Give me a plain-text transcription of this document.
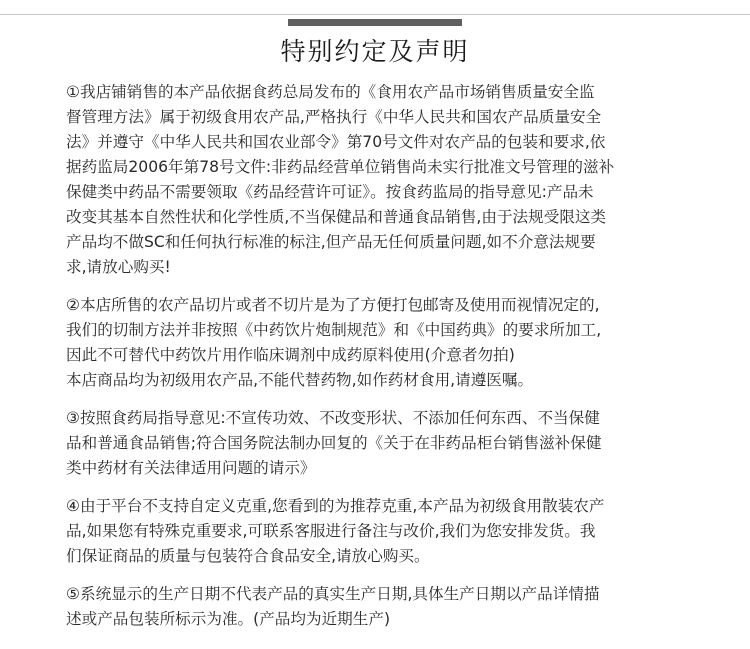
特别约定及声明

①我店铺销售的本产品依据食药总局发布的《食用农产品市场销售质量安全监
督管理方法》属于初级食用农产品,严格执行《中华人民共和国农产品质量安全
法》并遵守《中华人民共和国农业部令》第70号文件对农产品的包装和要求,依
据药监局2006年第78号文件:非药品经营单位销售尚未实行批准文号管理的滋补
保健类中药品不需要领取《药品经营许可证》。按食药监局的指导意见:产品未
改变其基本自然性状和化学性质,不当保健品和普通食品销售,由于法规受限这类
产品均不做SC和任何执行标准的标注,但产品无任何质量问题,如不介意法规要
求,请放心购买!

②本店所售的农产品切片或者不切片是为了方便打包邮寄及使用而视情况定的,
我们的切制方法并非按照《中药饮片炮制规范》和《中国药典》的要求所加工,
因此不可替代中药饮片用作临床调剂中成药原料使用(介意者勿拍)
本店商品均为初级用农产品,不能代替药物,如作药材食用,请遵医嘱。

③按照食药局指导意见:不宣传功效、不改变形状、不添加任何东西、不当保健
品和普通食品销售;符合国务院法制办回复的《关于在非药品柜台销售滋补保健
类中药材有关法律适用问题的请示》

④由于平台不支持自定义克重,您看到的为推荐克重,本产品为初级食用散装农产
品,如果您有特殊克重要求,可联系客服进行备注与改价,我们为您安排发货。我
们保证商品的质量与包装符合食品安全,请放心购买。

⑤系统显示的生产日期不代表产品的真实生产日期,具体生产日期以产品详情描
述或产品包装所标示为准。(产品均为近期生产)
